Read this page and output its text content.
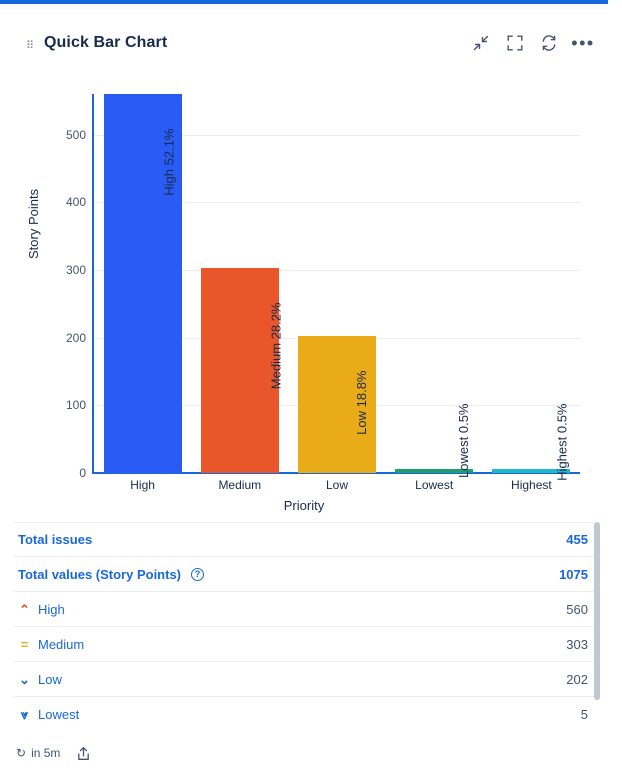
⠿ Quick Bar Chart	•••
Story Points
0
100
200
300
400
500	High 52.1%
Medium 28.2%
Low 18.8%
Lowest 0.5%	Highest 0.5%
High	Medium	Low	Lowest	Highest
Priority
Total issues	455
Total values (Story Points)	?	1075
⌃ High	560
= Medium	303
⌄ Low	202
⩔ Lowest	5
↻ in 5m
